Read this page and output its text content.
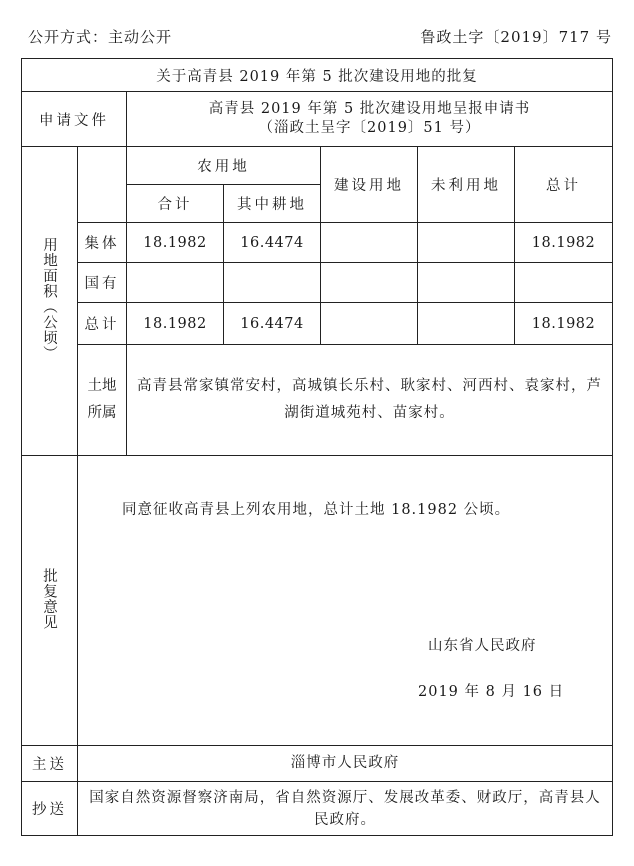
公开方式：主动公开	鲁政土字〔2019〕717 号
关于高青县 2019 年第 5 批次建设用地的批复						
申请文件		高青县 2019 年第 5 批次建设用地呈报申请书
（淄政土呈字〔2019〕51 号）				

用地面积（公顷）		农用地		建设用地	未利用地	总计
		合计	其中耕地			
	集体	18.1982	16.4474			18.1982
	国有					
	总计	18.1982	16.4474			18.1982

	土地
所属	高青县常家镇常安村，高城镇长乐村、耿家村、河西村、袁家村，芦湖街道城苑村、苗家村。				
批复意见	同意征收高青县上列农用地，总计土地 18.1982 公顷。
山东省人民政府
2019 年 8 月 16 日					

主送	淄博市人民政府					
抄送	国家自然资源督察济南局，省自然资源厅、发展改革委、财政厅，高青县人民政府。					
